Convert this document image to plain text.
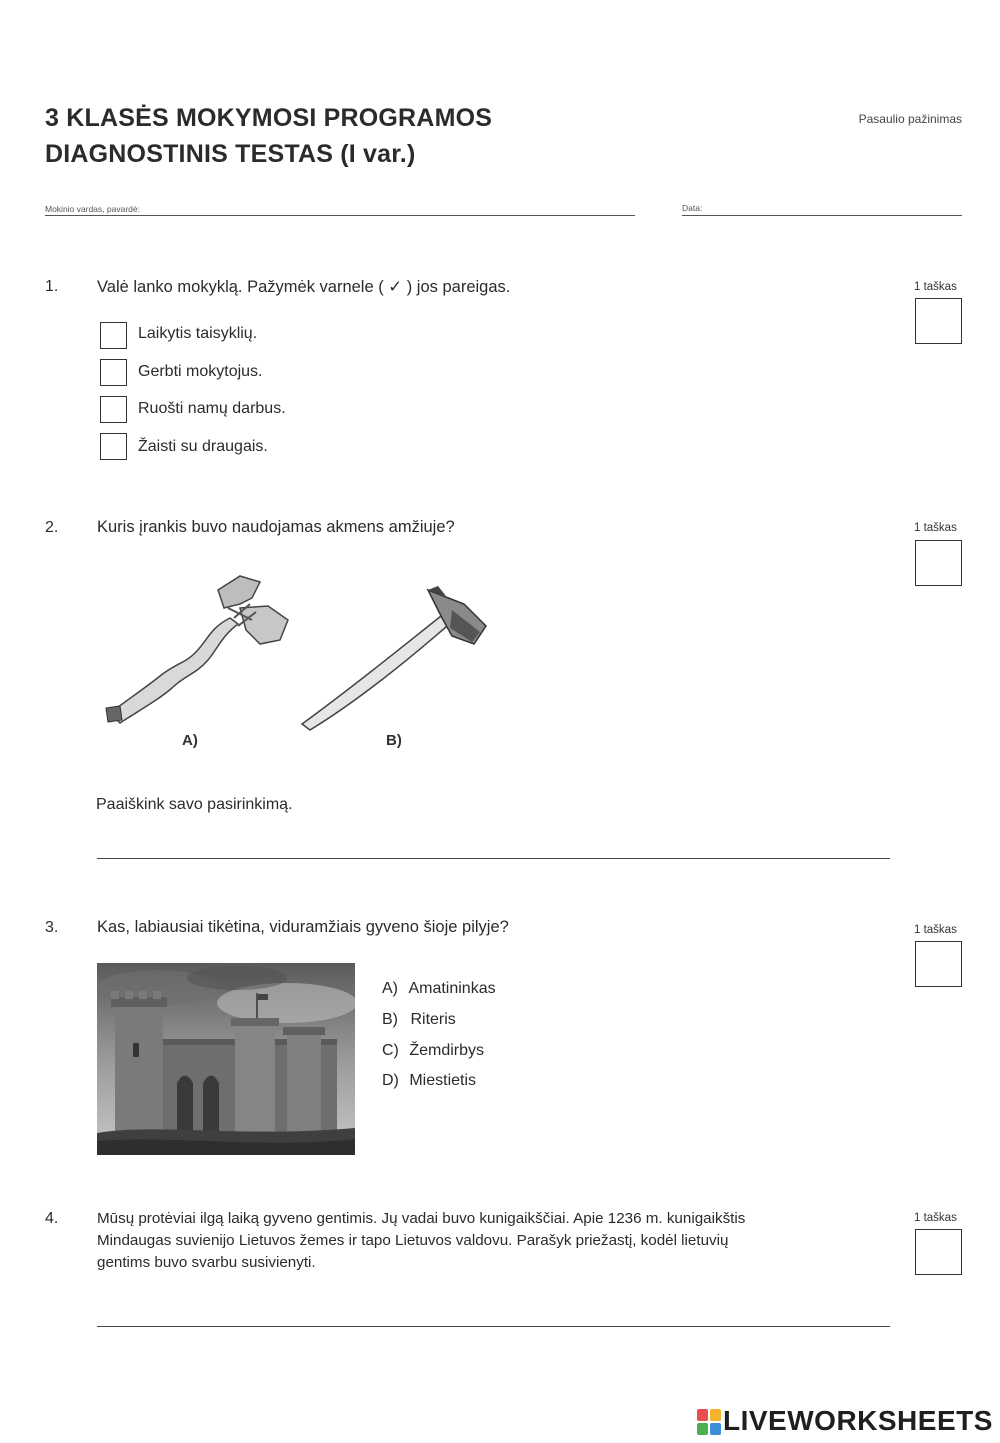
3 KLASĖS MOKYMOSI PROGRAMOS
DIAGNOSTINIS TESTAS (I var.)
Pasaulio pažinimas
Mokinio vardas, pavardė:	Data:
1. Valė lanko mokyklą. Pažymėk varnele ( ✓ ) jos pareigas.	1 taškas
Laikytis taisyklių.
Gerbti mokytojus.
Ruošti namų darbus.
Žaisti su draugais.
2. Kuris įrankis buvo naudojamas akmens amžiuje?	1 taškas
A)	B)
Paaiškink savo pasirinkimą.
3. Kas, labiausiai tikėtina, viduramžiais gyveno šioje pilyje?	1 taškas
A) Amatininkas
B) Riteris
C) Žemdirbys
D) Miestietis
4.	Mūsų protėviai ilgą laiką gyveno gentimis. Jų vadai buvo kunigaikščiai. Apie 1236 m. kunigaikštis
Mindaugas suvienijo Lietuvos žemes ir tapo Lietuvos valdovu. Parašyk priežastį, kodėl lietuvių
gentims buvo svarbu susivienyti.
1 taškas
LIVEWORKSHEETS
